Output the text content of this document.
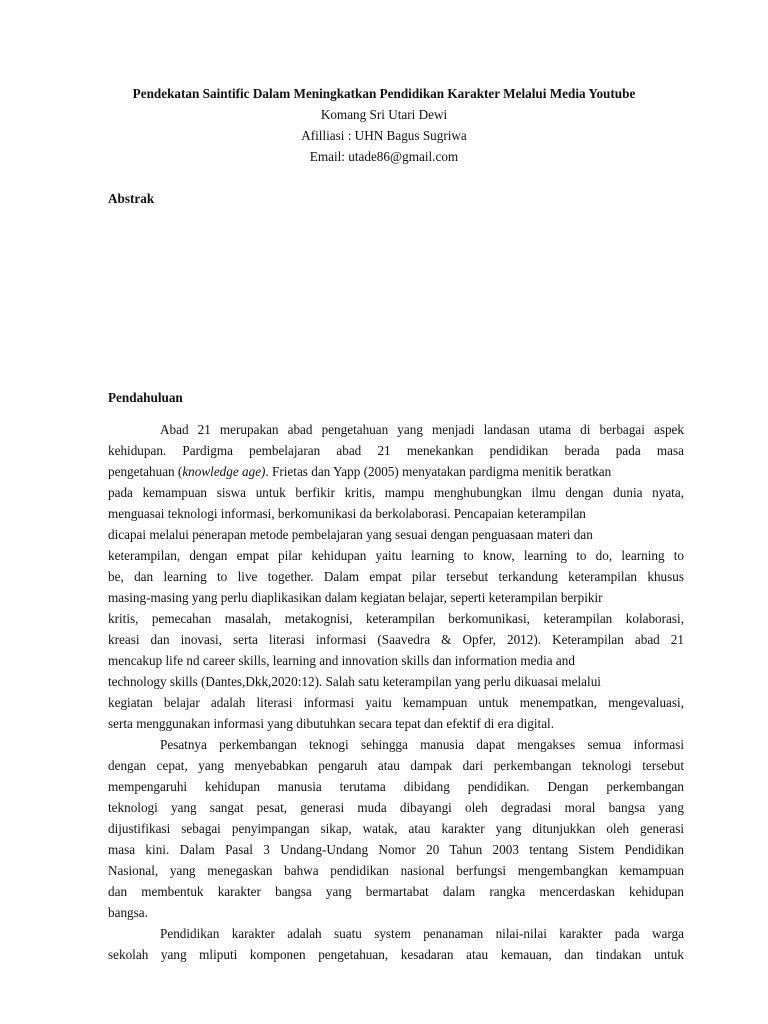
Pendekatan Saintific Dalam Meningkatkan Pendidikan Karakter Melalui Media Youtube
Komang Sri Utari Dewi
Afilliasi : UHN Bagus Sugriwa
Email: utade86@gmail.com
Abstrak
Pendahuluan
Abad 21 merupakan abad pengetahuan yang menjadi landasan utama di berbagai aspek
kehidupan. Pardigma pembelajaran abad 21 menekankan pendidikan berada pada masa
pengetahuan (knowledge age). Frietas dan Yapp (2005) menyatakan pardigma menitik beratkan
pada kemampuan siswa untuk berfikir kritis, mampu menghubungkan ilmu dengan dunia nyata,
menguasai teknologi informasi, berkomunikasi da berkolaborasi. Pencapaian keterampilan
dicapai melalui penerapan metode pembelajaran yang sesuai dengan penguasaan materi dan
keterampilan, dengan empat pilar kehidupan yaitu learning to know, learning to do, learning to
be, dan learning to live together. Dalam empat pilar tersebut terkandung keterampilan khusus
masing-masing yang perlu diaplikasikan dalam kegiatan belajar, seperti keterampilan berpikir
kritis, pemecahan masalah, metakognisi, keterampilan berkomunikasi, keterampilan kolaborasi,
kreasi dan inovasi, serta literasi informasi (Saavedra & Opfer, 2012). Keterampilan abad 21
mencakup life nd career skills, learning and innovation skills dan information media and
technology skills (Dantes,Dkk,2020:12). Salah satu keterampilan yang perlu dikuasai melalui
kegiatan belajar adalah literasi informasi yaitu kemampuan untuk menempatkan, mengevaluasi,
serta menggunakan informasi yang dibutuhkan secara tepat dan efektif di era digital.
Pesatnya perkembangan teknogi sehingga manusia dapat mengakses semua informasi
dengan cepat, yang menyebabkan pengaruh atau dampak dari perkembangan teknologi tersebut
mempengaruhi kehidupan manusia terutama dibidang pendidikan. Dengan perkembangan
teknologi yang sangat pesat, generasi muda dibayangi oleh degradasi moral bangsa yang
dijustifikasi sebagai penyimpangan sikap, watak, atau karakter yang ditunjukkan oleh generasi
masa kini. Dalam Pasal 3 Undang-Undang Nomor 20 Tahun 2003 tentang Sistem Pendidikan
Nasional, yang menegaskan bahwa pendidikan nasional berfungsi mengembangkan kemampuan
dan membentuk karakter bangsa yang bermartabat dalam rangka mencerdaskan kehidupan
bangsa.
Pendidikan karakter adalah suatu system penanaman nilai-nilai karakter pada warga
sekolah yang mliputi komponen pengetahuan, kesadaran atau kemauan, dan tindakan untuk
